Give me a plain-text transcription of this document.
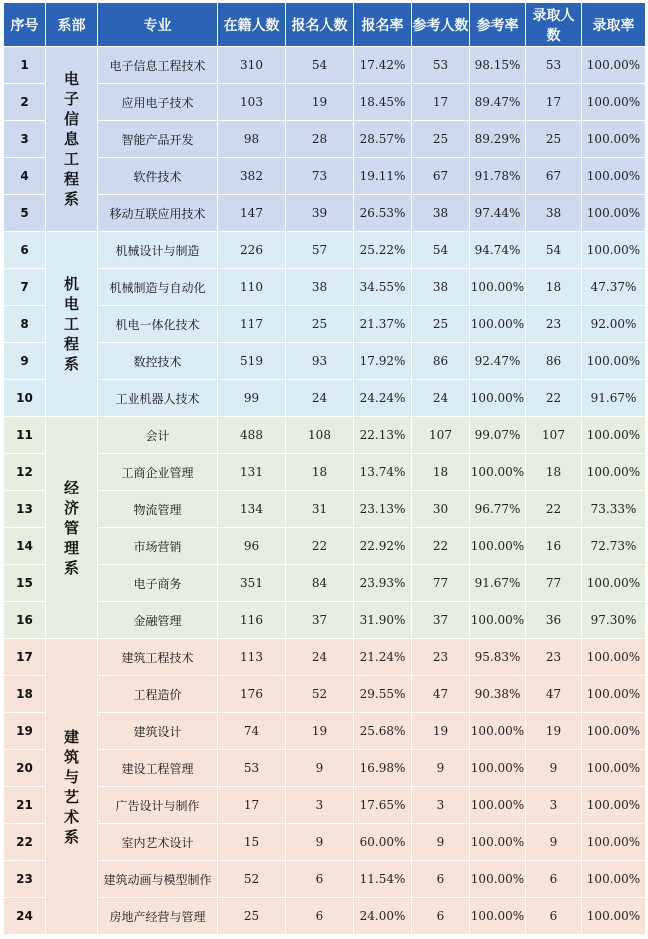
序号	系部	专业	在籍人数	报名人数	报名率	参考人数	参考率	录取人数	录取率
1	电子信息工程系	电子信息工程技术	310	54	17.42%	53	98.15%	53	100.00%
2		应用电子技术	103	19	18.45%	17	89.47%	17	100.00%
3		智能产品开发	98	28	28.57%	25	89.29%	25	100.00%
4		软件技术	382	73	19.11%	67	91.78%	67	100.00%
5		移动互联应用技术	147	39	26.53%	38	97.44%	38	100.00%
6	机电工程系	机械设计与制造	226	57	25.22%	54	94.74%	54	100.00%
7		机械制造与自动化	110	38	34.55%	38	100.00%	18	47.37%
8		机电一体化技术	117	25	21.37%	25	100.00%	23	92.00%
9		数控技术	519	93	17.92%	86	92.47%	86	100.00%
10		工业机器人技术	99	24	24.24%	24	100.00%	22	91.67%
11	经济管理系	会计	488	108	22.13%	107	99.07%	107	100.00%
12		工商企业管理	131	18	13.74%	18	100.00%	18	100.00%
13		物流管理	134	31	23.13%	30	96.77%	22	73.33%
14		市场营销	96	22	22.92%	22	100.00%	16	72.73%
15		电子商务	351	84	23.93%	77	91.67%	77	100.00%
16		金融管理	116	37	31.90%	37	100.00%	36	97.30%
17	建筑与艺术系	建筑工程技术	113	24	21.24%	23	95.83%	23	100.00%
18		工程造价	176	52	29.55%	47	90.38%	47	100.00%
19		建筑设计	74	19	25.68%	19	100.00%	19	100.00%
20		建设工程管理	53	9	16.98%	9	100.00%	9	100.00%
21		广告设计与制作	17	3	17.65%	3	100.00%	3	100.00%
22		室内艺术设计	15	9	60.00%	9	100.00%	9	100.00%
23		建筑动画与模型制作	52	6	11.54%	6	100.00%	6	100.00%
24		房地产经营与管理	25	6	24.00%	6	100.00%	6	100.00%
